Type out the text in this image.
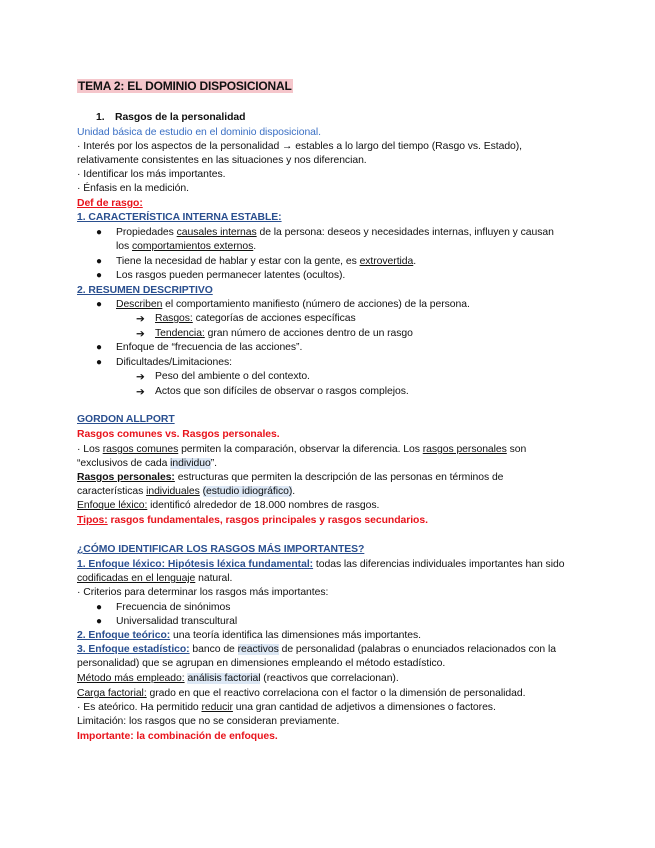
TEMA 2: EL DOMINIO DISPOSICIONAL
1. Rasgos de la personalidad
Unidad básica de estudio en el dominio disposicional.
· Interés por los aspectos de la personalidad → estables a lo largo del tiempo (Rasgo vs. Estado),
relativamente consistentes en las situaciones y nos diferencian.
· Identificar los más importantes.
· Énfasis en la medición.
Def de rasgo:
1. CARACTERÍSTICA INTERNA ESTABLE:
● Propiedades causales internas de la persona: deseos y necesidades internas, influyen y causan
los comportamientos externos.
● Tiene la necesidad de hablar y estar con la gente, es extrovertida.
● Los rasgos pueden permanecer latentes (ocultos).
2. RESUMEN DESCRIPTIVO
● Describen el comportamiento manifiesto (número de acciones) de la persona.
➔ Rasgos: categorías de acciones específicas
➔ Tendencia: gran número de acciones dentro de un rasgo
● Enfoque de “frecuencia de las acciones”.
● Dificultades/Limitaciones:
➔ Peso del ambiente o del contexto.
➔ Actos que son difíciles de observar o rasgos complejos.
GORDON ALLPORT
Rasgos comunes vs. Rasgos personales.
· Los rasgos comunes permiten la comparación, observar la diferencia. Los rasgos personales son
“exclusivos de cada individuo”.
Rasgos personales: estructuras que permiten la descripción de las personas en términos de
características individuales (estudio idiográfico).
Enfoque léxico: identificó alrededor de 18.000 nombres de rasgos.
Tipos: rasgos fundamentales, rasgos principales y rasgos secundarios.
¿CÓMO IDENTIFICAR LOS RASGOS MÁS IMPORTANTES?
1. Enfoque léxico: Hipótesis léxica fundamental: todas las diferencias individuales importantes han sido
codificadas en el lenguaje natural.
· Criterios para determinar los rasgos más importantes:
● Frecuencia de sinónimos
● Universalidad transcultural
2. Enfoque teórico: una teoría identifica las dimensiones más importantes.
3. Enfoque estadístico: banco de reactivos de personalidad (palabras o enunciados relacionados con la
personalidad) que se agrupan en dimensiones empleando el método estadístico.
Método más empleado: análisis factorial (reactivos que correlacionan).
Carga factorial: grado en que el reactivo correlaciona con el factor o la dimensión de personalidad.
· Es ateórico. Ha permitido reducir una gran cantidad de adjetivos a dimensiones o factores.
Limitación: los rasgos que no se consideran previamente.
Importante: la combinación de enfoques.
